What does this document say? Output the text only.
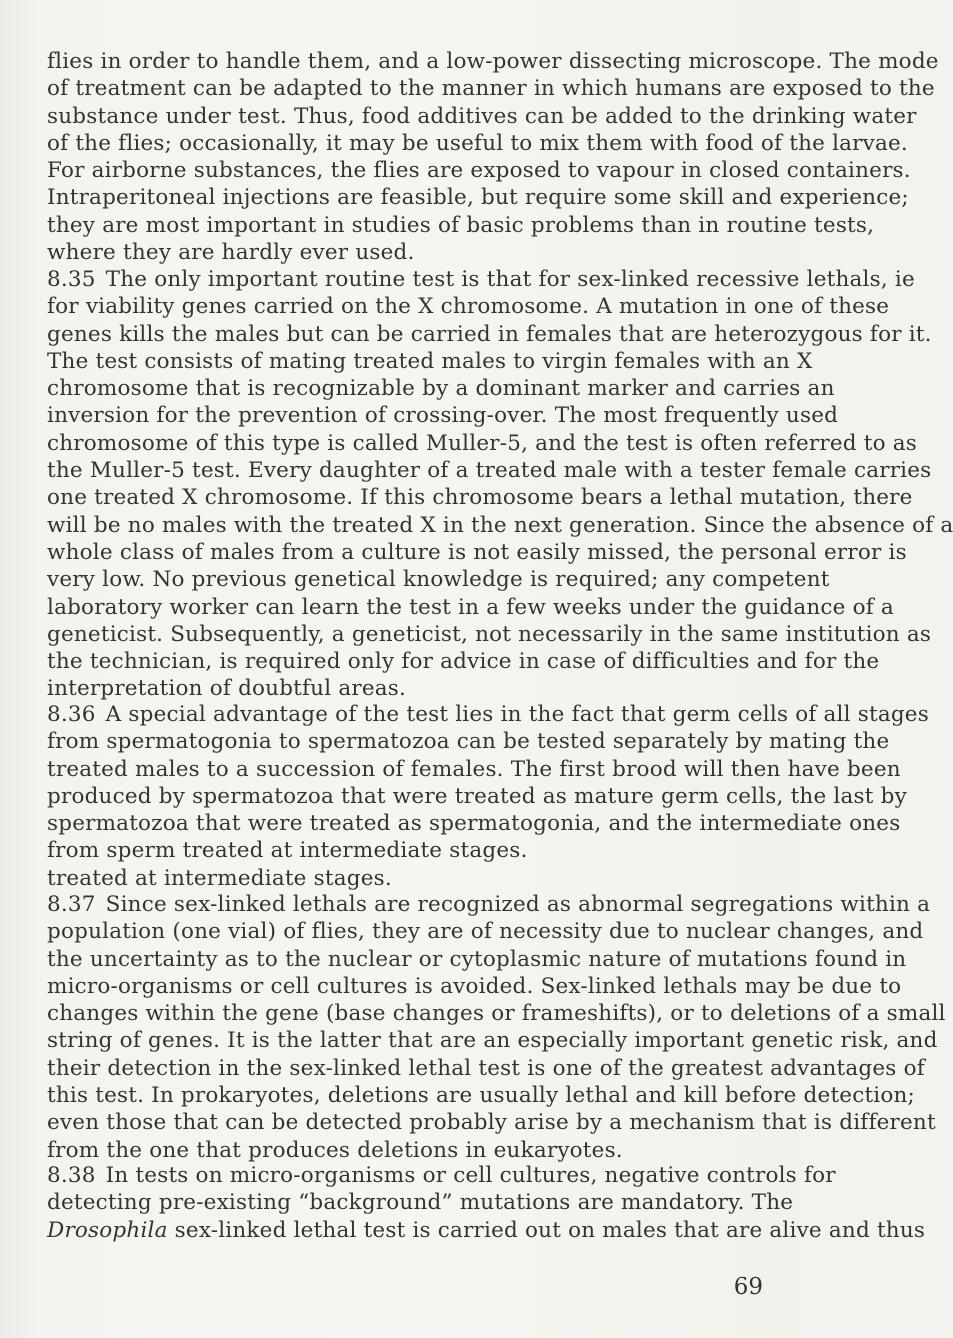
flies in order to handle them, and a low-power dissecting microscope. The mode
of treatment can be adapted to the manner in which humans are exposed to the
substance under test. Thus, food additives can be added to the drinking water
of the flies; occasionally, it may be useful to mix them with food of the larvae.
For airborne substances, the flies are exposed to vapour in closed containers.
Intraperitoneal injections are feasible, but require some skill and experience;
they are most important in studies of basic problems than in routine tests,
where they are hardly ever used.
8.35 The only important routine test is that for sex-linked recessive lethals, ie
for viability genes carried on the X chromosome. A mutation in one of these
genes kills the males but can be carried in females that are heterozygous for it.
The test consists of mating treated males to virgin females with an X
chromosome that is recognizable by a dominant marker and carries an
inversion for the prevention of crossing-over. The most frequently used
chromosome of this type is called Muller-5, and the test is often referred to as
the Muller-5 test. Every daughter of a treated male with a tester female carries
one treated X chromosome. If this chromosome bears a lethal mutation, there
will be no males with the treated X in the next generation. Since the absence of a
whole class of males from a culture is not easily missed, the personal error is
very low. No previous genetical knowledge is required; any competent
laboratory worker can learn the test in a few weeks under the guidance of a
geneticist. Subsequently, a geneticist, not necessarily in the same institution as
the technician, is required only for advice in case of difficulties and for the
interpretation of doubtful areas.
8.36 A special advantage of the test lies in the fact that germ cells of all stages
from spermatogonia to spermatozoa can be tested separately by mating the
treated males to a succession of females. The first brood will then have been
produced by spermatozoa that were treated as mature germ cells, the last by
spermatozoa that were treated as spermatogonia, and the intermediate ones
from sperm treated at intermediate stages.
treated at intermediate stages.
8.37 Since sex-linked lethals are recognized as abnormal segregations within a
population (one vial) of flies, they are of necessity due to nuclear changes, and
the uncertainty as to the nuclear or cytoplasmic nature of mutations found in
micro-organisms or cell cultures is avoided. Sex-linked lethals may be due to
changes within the gene (base changes or frameshifts), or to deletions of a small
string of genes. It is the latter that are an especially important genetic risk, and
their detection in the sex-linked lethal test is one of the greatest advantages of
this test. In prokaryotes, deletions are usually lethal and kill before detection;
even those that can be detected probably arise by a mechanism that is different
from the one that produces deletions in eukaryotes.
8.38 In tests on micro-organisms or cell cultures, negative controls for
detecting pre-existing “background” mutations are mandatory. The
Drosophila sex-linked lethal test is carried out on males that are alive and thus
69
